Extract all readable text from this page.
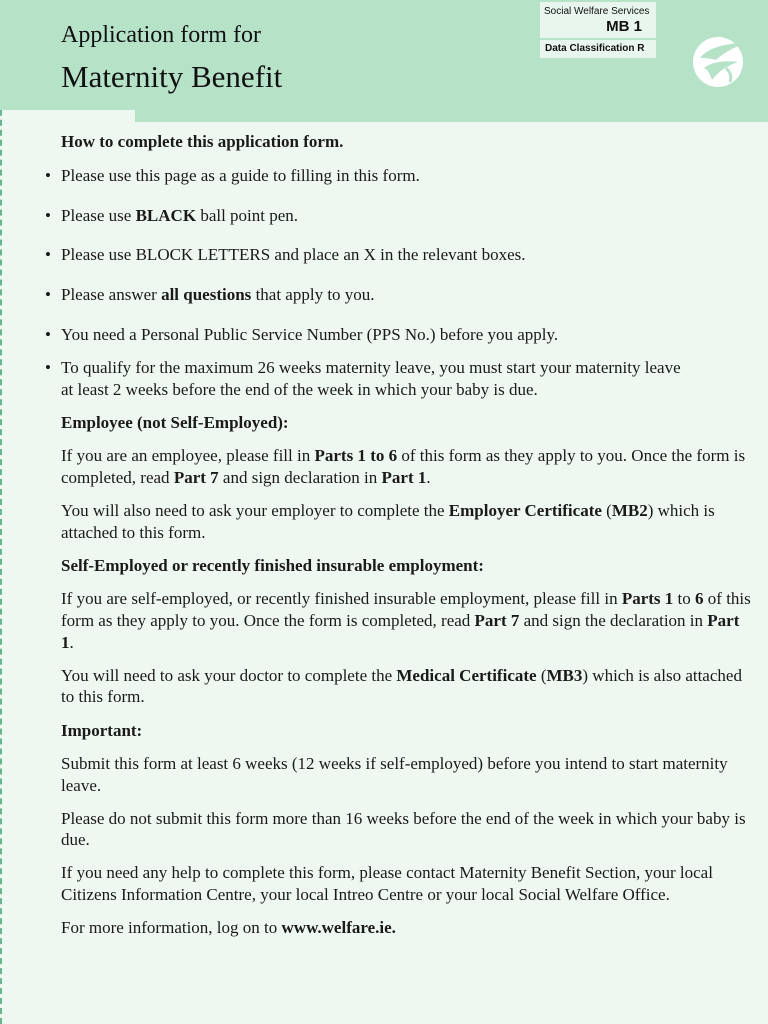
Application form for
Maternity Benefit
Social Welfare Services
MB 1
Data Classification R

How to complete this application form.

• Please use this page as a guide to filling in this form.

• Please use BLACK ball point pen.

• Please use BLOCK LETTERS and place an X in the relevant boxes.

• Please answer all questions that apply to you.

• You need a Personal Public Service Number (PPS No.) before you apply.

• To qualify for the maximum 26 weeks maternity leave, you must start your maternity leave at least 2 weeks before the end of the week in which your baby is due.

Employee (not Self-Employed):

If you are an employee, please fill in Parts 1 to 6 of this form as they apply to you. Once the form is completed, read Part 7 and sign declaration in Part 1.

You will also need to ask your employer to complete the Employer Certificate (MB2) which is attached to this form.

Self-Employed or recently finished insurable employment:

If you are self-employed, or recently finished insurable employment, please fill in Parts 1 to 6 of this form as they apply to you. Once the form is completed, read Part 7 and sign the declaration in Part 1.

You will need to ask your doctor to complete the Medical Certificate (MB3) which is also attached to this form.

Important:

Submit this form at least 6 weeks (12 weeks if self-employed) before you intend to start maternity leave.

Please do not submit this form more than 16 weeks before the end of the week in which your baby is due.

If you need any help to complete this form, please contact Maternity Benefit Section, your local Citizens Information Centre, your local Intreo Centre or your local Social Welfare Office.

For more information, log on to www.welfare.ie.
